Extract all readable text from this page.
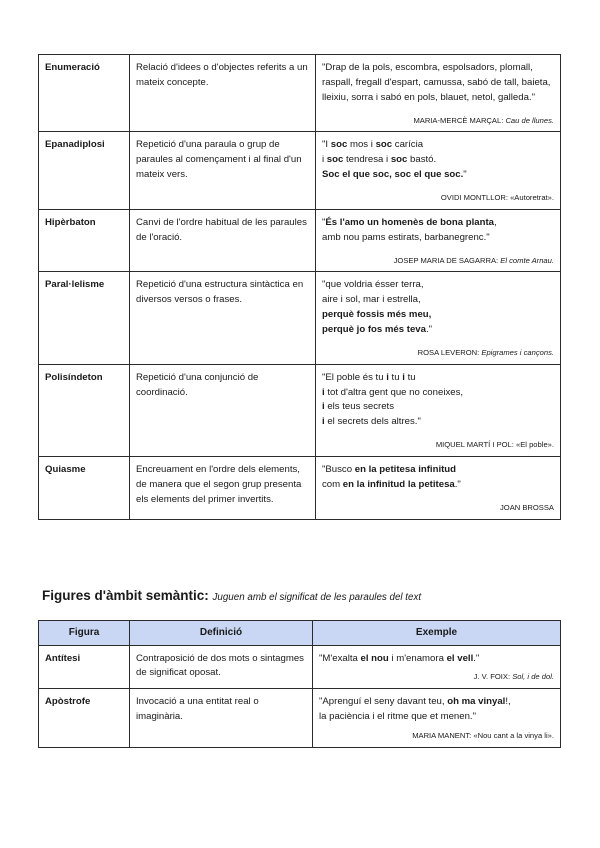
Enumeració	Relació d'idees o d'objectes referits a un mateix concepte.	"Drap de la pols, escombra, espolsadors, plomall, raspall, fregall d'espart, camussa, sabó de tall, baieta, lleixiu, sorra i sabó en pols, blauet, netol, galleda."
MARIA-MERCÈ MARÇAL: Cau de llunes.

Epanadiplosi	Repetició d'una paraula o grup de paraules al començament i al final d'un mateix vers.	"I soc mos i soc carícia
i soc tendresa i soc bastó.
Soc el que soc, soc el que soc."
OVIDI MONTLLOR: «Autoretrat».

Hipèrbaton	Canvi de l'ordre habitual de les paraules de l'oració.	"És l'amo un homenès de bona planta,
amb nou pams estirats, barbanegrenc."
JOSEP MARIA DE SAGARRA: El comte Arnau.

Paral·lelisme	Repetició d'una estructura sintàctica en diversos versos o frases.	"que voldria ésser terra,
aire i sol, mar i estrella,
perquè fossis més meu,
perquè jo fos més teva."
ROSA LEVERON: Epigrames i cançons.

Polisíndeton	Repetició d'una conjunció de coordinació.	"El poble és tu i tu i tu
i tot d'altra gent que no coneixes,
i els teus secrets
i el secrets dels altres."
MIQUEL MARTÍ I POL: «El poble».

Quiasme	Encreuament en l'ordre dels elements, de manera que el segon grup presenta els elements del primer invertits.	"Busco en la petitesa infinitud
com en la infinitud la petitesa."
JOAN BROSSA
Figures d'àmbit semàntic: Juguen amb el significat de les paraules del text
Figura	Definició	Exemple
Antítesi	Contraposició de dos mots o sintagmes de significat oposat.	"M'exalta el nou i m'enamora el vell."
J. V. FOIX: Sol, i de dol.

Apòstrofe	Invocació a una entitat real o imaginària.	"Aprenguí el seny davant teu, oh ma vinyal!,
la paciència i el ritme que et menen."
MARIA MANENT: «Nou cant a la vinya li».
